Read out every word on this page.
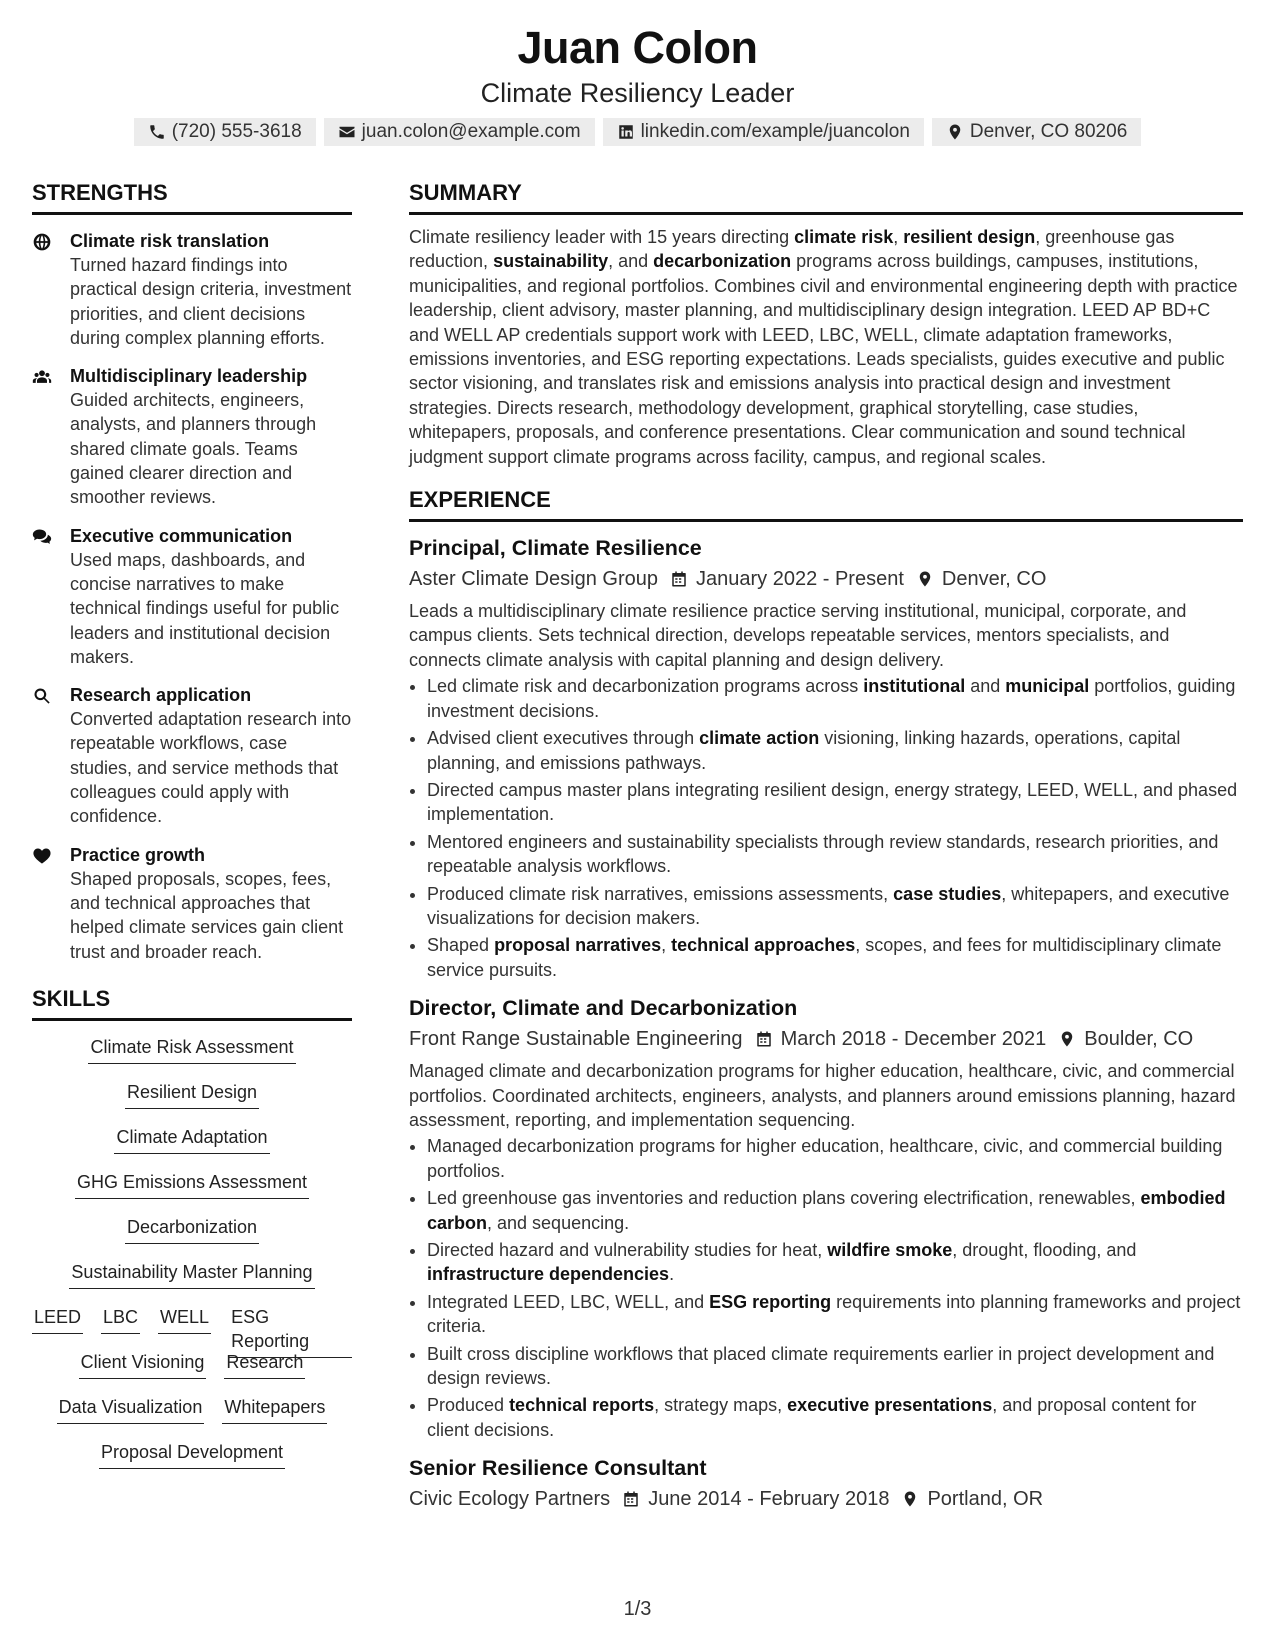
Juan Colon
Climate Resiliency Leader
(720) 555-3618	juan.colon@example.com	linkedin.com/example/juancolon	Denver, CO 80206
STRENGTHS
Climate risk translation
Turned hazard findings into practical design criteria, investment priorities, and client decisions during complex planning efforts.
Multidisciplinary leadership
Guided architects, engineers, analysts, and planners through shared climate goals. Teams gained clearer direction and smoother reviews.
Executive communication
Used maps, dashboards, and concise narratives to make technical findings useful for public leaders and institutional decision makers.
Research application
Converted adaptation research into repeatable workflows, case studies, and service methods that colleagues could apply with confidence.
Practice growth
Shaped proposals, scopes, fees, and technical approaches that helped climate services gain client trust and broader reach.
SKILLS
Climate Risk Assessment
Resilient Design
Climate Adaptation
GHG Emissions Assessment
Decarbonization
Sustainability Master Planning
LEED LBC WELL ESG Reporting
Client Visioning Research
Data Visualization Whitepapers
Proposal Development
SUMMARY
Climate resiliency leader with 15 years directing climate risk, resilient design, greenhouse gas reduction, sustainability, and decarbonization programs across buildings, campuses, institutions, municipalities, and regional portfolios. Combines civil and environmental engineering depth with practice leadership, client advisory, master planning, and multidisciplinary design integration. LEED AP BD+C and WELL AP credentials support work with LEED, LBC, WELL, climate adaptation frameworks, emissions inventories, and ESG reporting expectations. Leads specialists, guides executive and public sector visioning, and translates risk and emissions analysis into practical design and investment strategies. Directs research, methodology development, graphical storytelling, case studies, whitepapers, proposals, and conference presentations. Clear communication and sound technical judgment support climate programs across facility, campus, and regional scales.
EXPERIENCE
Principal, Climate Resilience
Aster Climate Design Group January 2022 - Present Denver, CO
Leads a multidisciplinary climate resilience practice serving institutional, municipal, corporate, and campus clients. Sets technical direction, develops repeatable services, mentors specialists, and connects climate analysis with capital planning and design delivery.
• Led climate risk and decarbonization programs across institutional and municipal portfolios, guiding investment decisions.
• Advised client executives through climate action visioning, linking hazards, operations, capital planning, and emissions pathways.
• Directed campus master plans integrating resilient design, energy strategy, LEED, WELL, and phased implementation.
• Mentored engineers and sustainability specialists through review standards, research priorities, and repeatable analysis workflows.
• Produced climate risk narratives, emissions assessments, case studies, whitepapers, and executive visualizations for decision makers.
• Shaped proposal narratives, technical approaches, scopes, and fees for multidisciplinary climate service pursuits.
Director, Climate and Decarbonization
Front Range Sustainable Engineering March 2018 - December 2021 Boulder, CO
Managed climate and decarbonization programs for higher education, healthcare, civic, and commercial portfolios. Coordinated architects, engineers, analysts, and planners around emissions planning, hazard assessment, reporting, and implementation sequencing.
• Managed decarbonization programs for higher education, healthcare, civic, and commercial building portfolios.
• Led greenhouse gas inventories and reduction plans covering electrification, renewables, embodied carbon, and sequencing.
• Directed hazard and vulnerability studies for heat, wildfire smoke, drought, flooding, and infrastructure dependencies.
• Integrated LEED, LBC, WELL, and ESG reporting requirements into planning frameworks and project criteria.
• Built cross discipline workflows that placed climate requirements earlier in project development and design reviews.
• Produced technical reports, strategy maps, executive presentations, and proposal content for client decisions.
Senior Resilience Consultant
Civic Ecology Partners June 2014 - February 2018 Portland, OR
1/3
